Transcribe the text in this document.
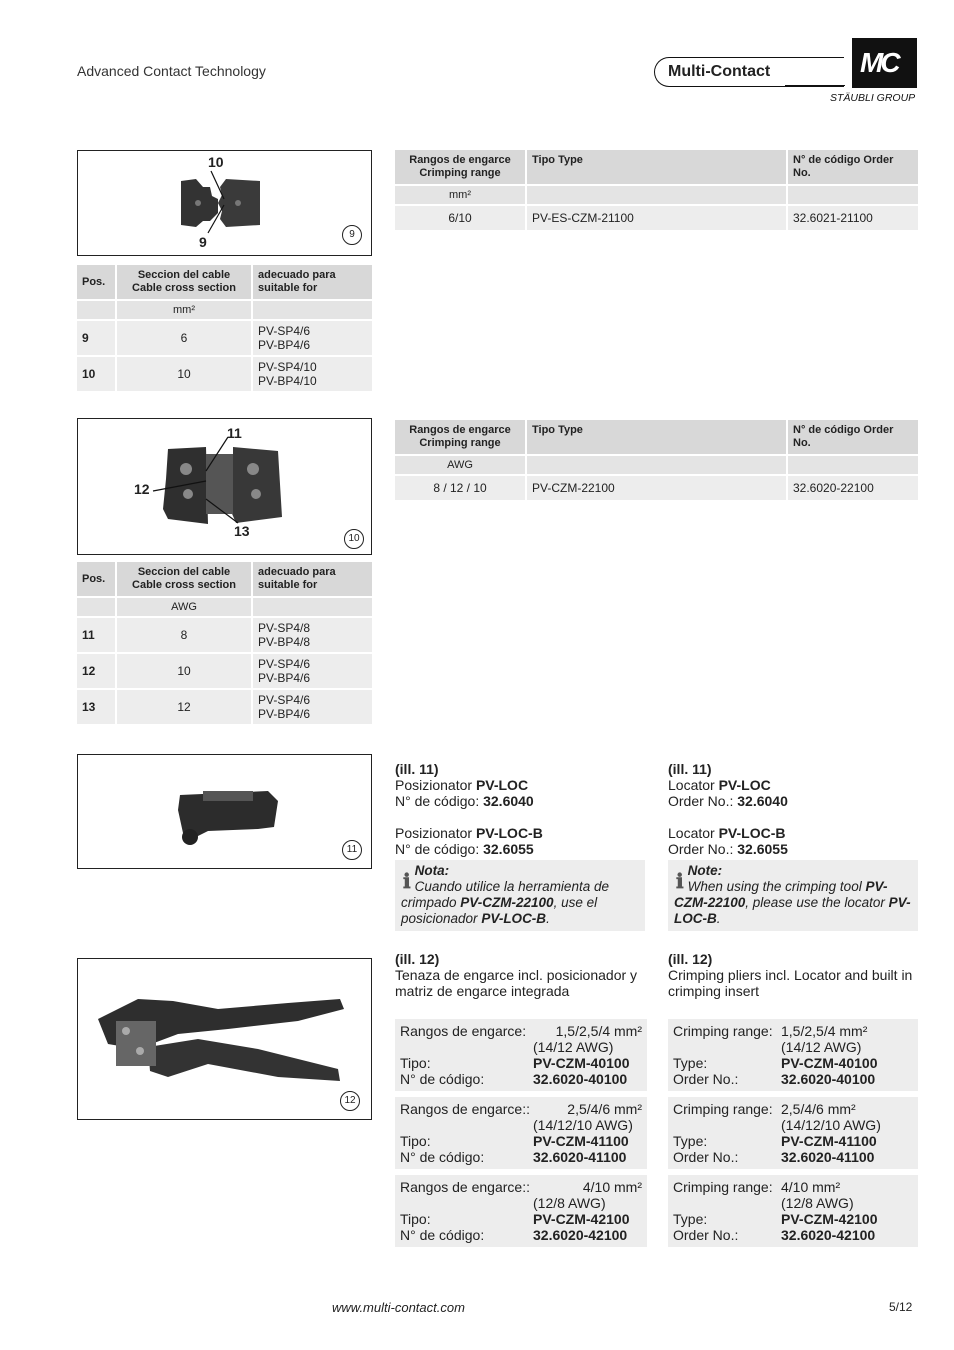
Advanced Contact Technology	Multi-Contact	MC
STÄUBLI GROUP
10
9	9
Pos.	Seccion del cable Cable cross section	adecuado para suitable for
	mm²	
9	6	PV-SP4/6
PV-BP4/6

10	10	PV-SP4/10
PV-BP4/10
Rangos de engarce Crimping range	Tipo Type	N° de código Order No.
mm²		
6/10	PV-ES-CZM-21100	32.6021-21100
11
12
13	10
Pos.	Seccion del cable Cable cross section	adecuado para suitable for
	AWG	
11	8	PV-SP4/8
PV-BP4/8

12	10	PV-SP4/6
PV-BP4/6

13	12	PV-SP4/6
PV-BP4/6
Rangos de engarce Crimping range	Tipo Type	N° de código Order No.
AWG		
8 / 12 / 10	PV-CZM-22100	32.6020-22100
11
(ill. 11)
Posizionator PV-LOC
N° de código: 32.6040
Posizionator PV-LOC-B
N° de código: 32.6055
ℹ
Nota:
Cuando utilice la herramienta de crimpado PV-CZM-22100, use el posicionador PV-LOC-B.
(ill. 11)
Locator PV-LOC
Order No.: 32.6040
Locator PV-LOC-B
Order No.: 32.6055
ℹ
Note:
When using the crimping tool PV-CZM-22100, please use the locator PV-LOC-B.
12
(ill. 12)
Tenaza de engarce incl. posicionador y matriz de engarce integrada
Rangos de engarce:	1,5/2,5/4 mm²
(14/12 AWG)
Tipo:	PV-CZM-40100
N° de código:	32.6020-40100
Rangos de engarce::	2,5/4/6 mm²
(14/12/10 AWG)
Tipo:	PV-CZM-41100
N° de código:	32.6020-41100
Rangos de engarce::	4/10 mm²
(12/8 AWG)
Tipo:	PV-CZM-42100
N° de código:	32.6020-42100
(ill. 12)
Crimping pliers incl. Locator and built in crimping insert
Crimping range: 1,5/2,5/4 mm²
(14/12 AWG)
Type:	PV-CZM-40100
Order No.:	32.6020-40100
Crimping range: 2,5/4/6 mm²
(14/12/10 AWG)
Type:	PV-CZM-41100
Order No.:	32.6020-41100
Crimping range: 4/10 mm²
(12/8 AWG)
Type:	PV-CZM-42100
Order No.:	32.6020-42100
www.multi-contact.com	5/12
